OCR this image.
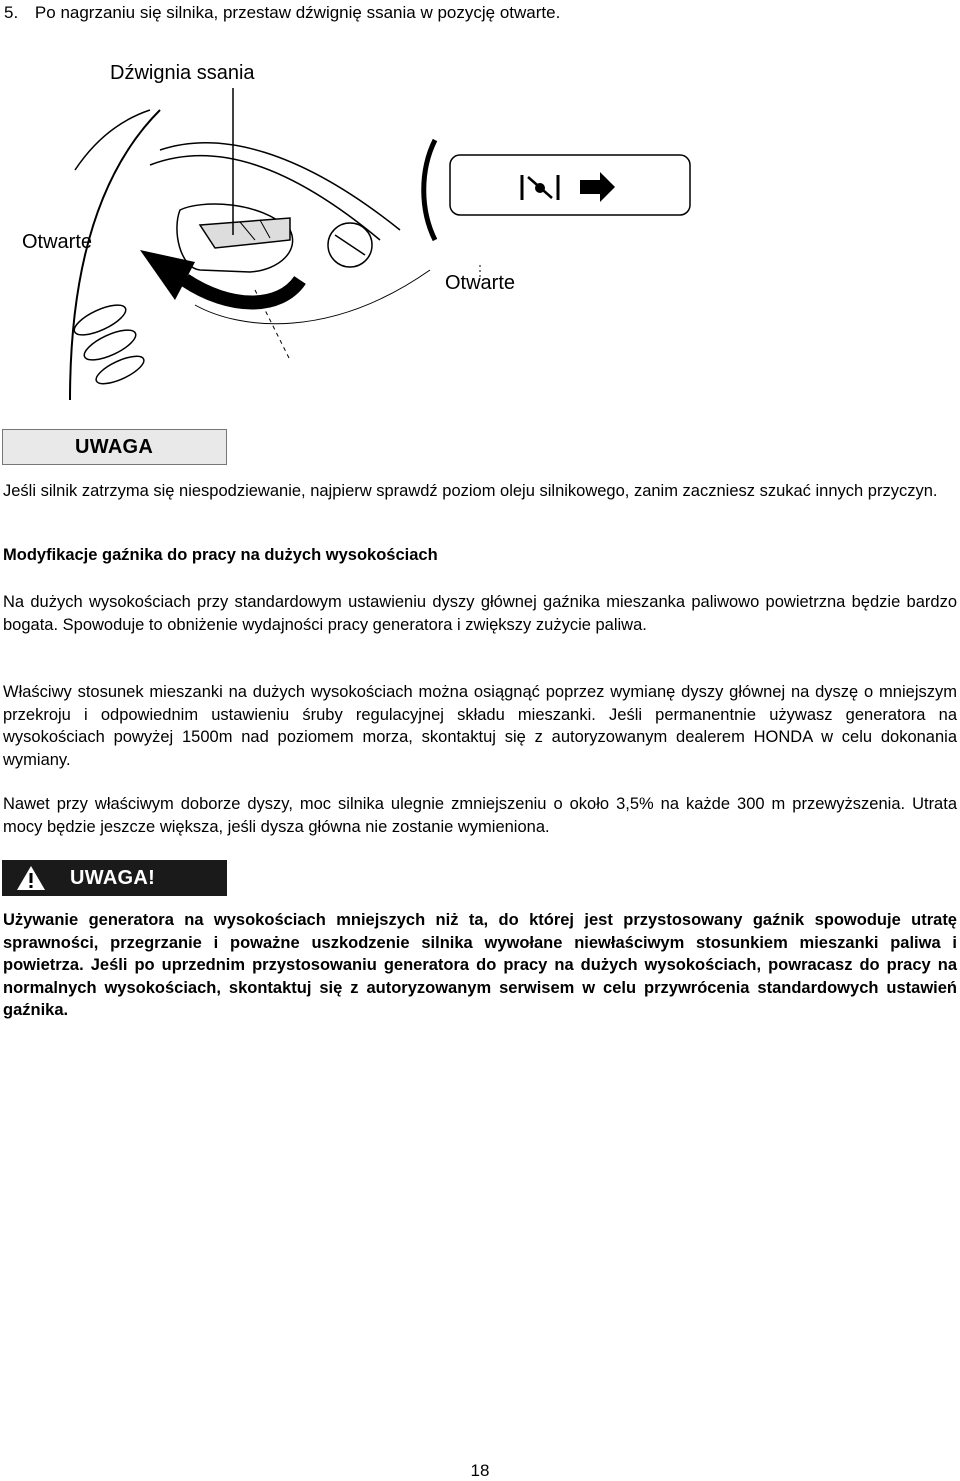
5. Po nagrzaniu się silnika, przestaw dźwignię ssania w pozycję otwarte.
Dźwignia ssania
Otwarte
Otwarte
UWAGA
Jeśli silnik zatrzyma się niespodziewanie, najpierw sprawdź poziom oleju silnikowego, zanim zaczniesz szukać innych przyczyn.
Modyfikacje gaźnika do pracy na dużych wysokościach
Na dużych wysokościach przy standardowym ustawieniu dyszy głównej gaźnika mieszanka paliwowo powietrzna będzie bardzo bogata. Spowoduje to obniżenie wydajności pracy generatora i zwiększy zużycie paliwa.
Właściwy stosunek mieszanki na dużych wysokościach można osiągnąć poprzez wymianę dyszy głównej na dyszę o mniejszym przekroju i odpowiednim ustawieniu śruby regulacyjnej składu mieszanki. Jeśli permanentnie używasz generatora na wysokościach powyżej 1500m nad poziomem morza, skontaktuj się z autoryzowanym dealerem HONDA w celu dokonania wymiany.
Nawet przy właściwym doborze dyszy, moc silnika ulegnie zmniejszeniu o około 3,5% na każde 300 m przewyższenia. Utrata mocy będzie jeszcze większa, jeśli dysza główna nie zostanie wymieniona.
UWAGA!
Używanie generatora na wysokościach mniejszych niż ta, do której jest przystosowany gaźnik spowoduje utratę sprawności, przegrzanie i poważne uszkodzenie silnika wywołane niewłaściwym stosunkiem mieszanki paliwa i powietrza. Jeśli po uprzednim przystosowaniu generatora do pracy na dużych wysokościach, powracasz do pracy na normalnych wysokościach, skontaktuj się z autoryzowanym serwisem w celu przywrócenia standardowych ustawień gaźnika.
18
